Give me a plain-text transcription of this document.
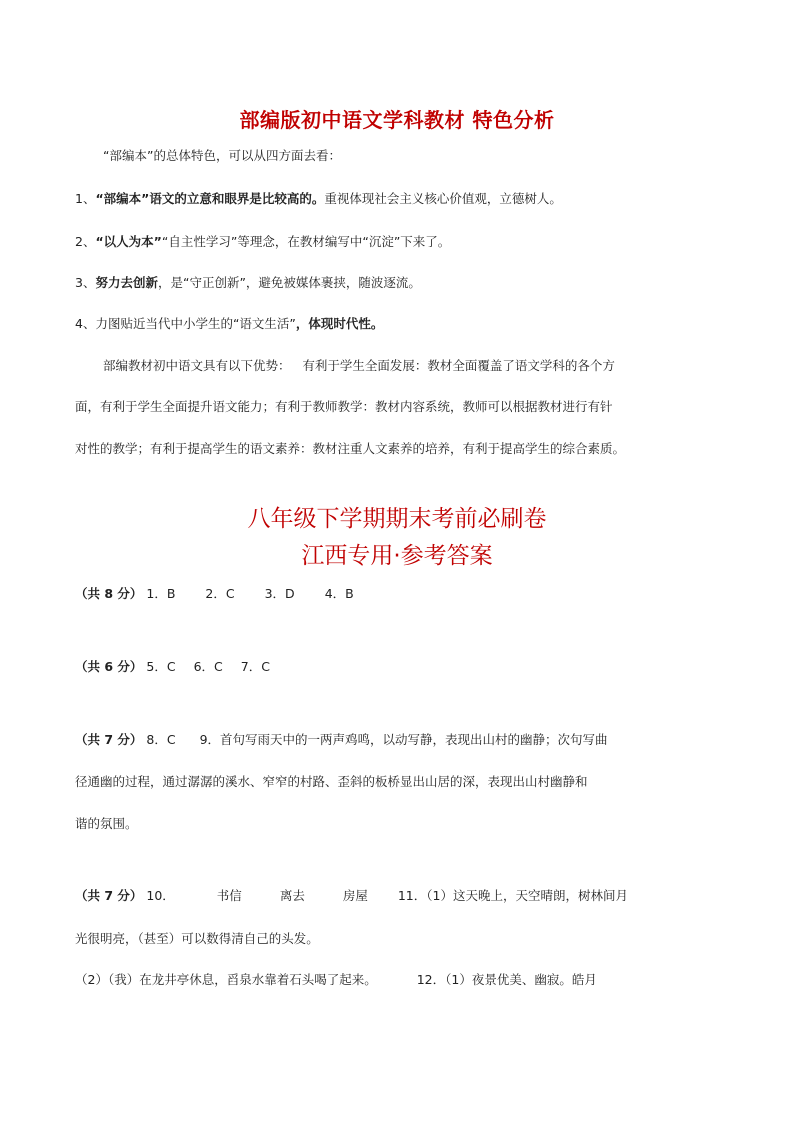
部编版初中语文学科教材 特色分析
“部编本”的总体特色，可以从四方面去看：
1、“部编本”语文的立意和眼界是比较高的。重视体现社会主义核心价值观，立德树人。
2、“以人为本”“自主性学习”等理念，在教材编写中“沉淀”下来了。
3、努力去创新，是“守正创新”，避免被媒体裹挟，随波逐流。
4、力图贴近当代中小学生的“语文生活”，体现时代性。
部编教材初中语文具有以下优势：   有利于学生全面发展：教材全面覆盖了语文学科的各个方
面，有利于学生全面提升语文能力；有利于教师教学：教材内容系统，教师可以根据教材进行有针
对性的教学；有利于提高学生的语文素养：教材注重人文素养的培养，有利于提高学生的综合素质。
八年级下学期期末考前必刷卷
江西专用·参考答案
（共 8 分） 1．B 2．C 3．D 4．B
（共 6 分） 5．C 6．C 7．C
（共 7 分） 8．C 9．首句写雨天中的一两声鸡鸣，以动写静，表现出山村的幽静；次句写曲
径通幽的过程，通过潺潺的溪水、窄窄的村路、歪斜的板桥显出山居的深，表现出山村幽静和
谐的氛围。
（共 7 分） 10．	书信	离去	房屋 11．（1）这天晚上，天空晴朗，树林间月
光很明亮，（甚至）可以数得清自己的头发。
（2）（我）在龙井亭休息，舀泉水靠着石头喝了起来。	12．（1）夜景优美、幽寂。皓月
